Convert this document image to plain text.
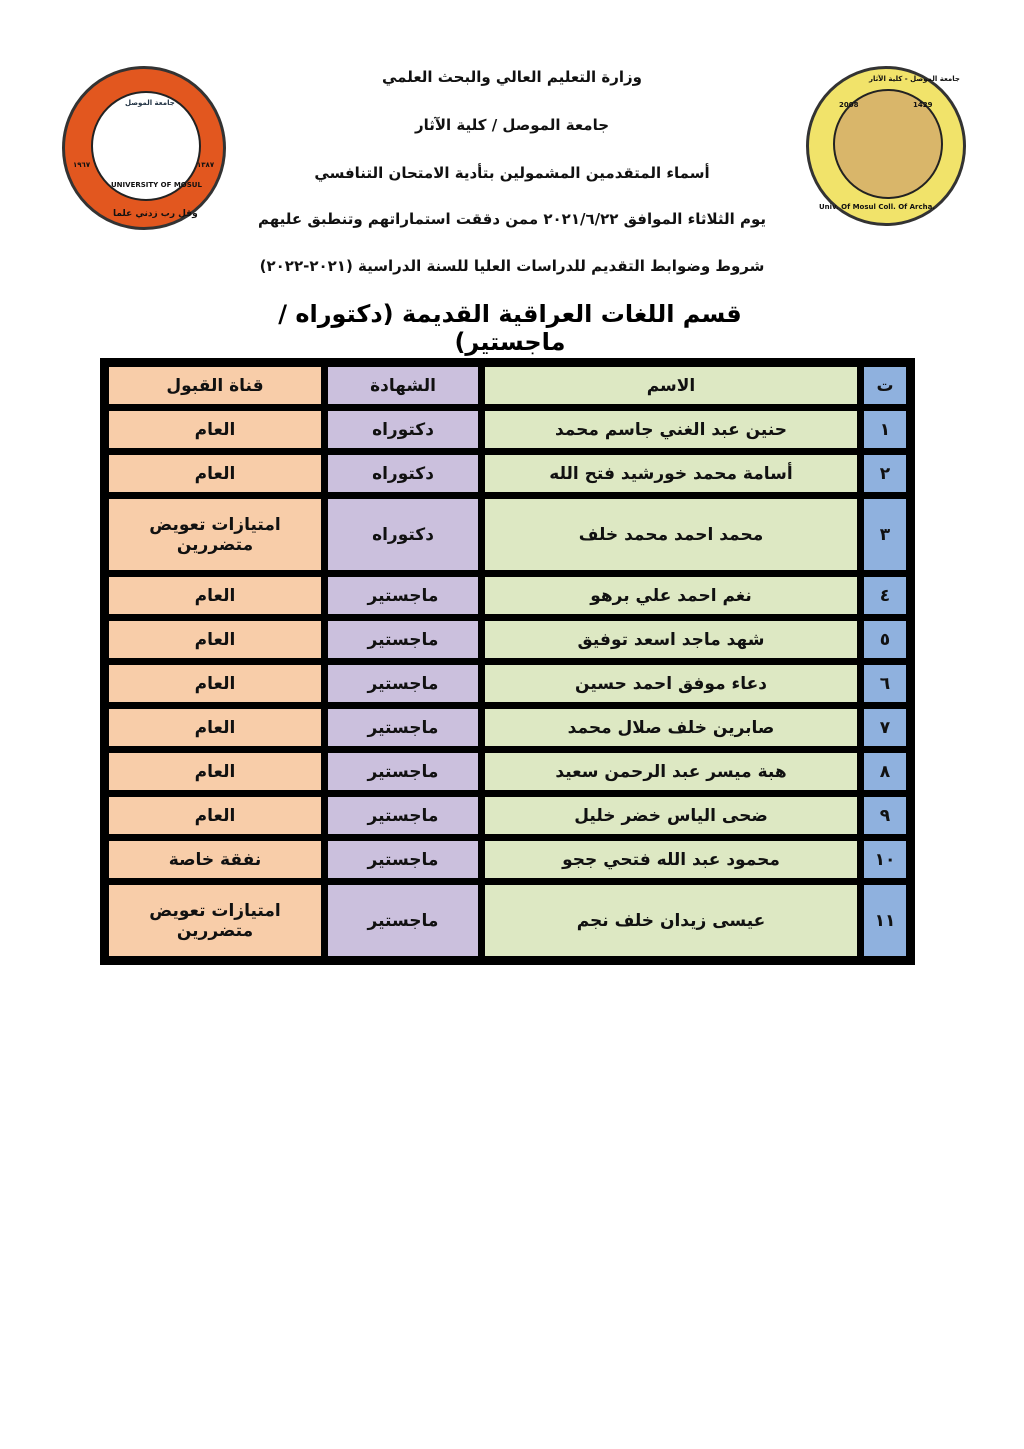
UNIVERSITY OF MOSUL
جامعة الموصل
وقل رب زدني علما
١٣٨٧
١٩٦٧
2008	1429
Univ. Of Mosul Coll. Of Archa.
جامعة الموصل - كلية الآثار
وزارة التعليم العالي والبحث العلمي
جامعة الموصل / كلية الآثار
أسماء المتقدمين المشمولين بتأدية الامتحان التنافسي
يوم الثلاثاء الموافق ٢٠٢١/٦/٢٢ ممن دققت استماراتهم وتنطبق عليهم
شروط وضوابط التقديم للدراسات العليا للسنة الدراسية (٢٠٢١-٢٠٢٢)
قسم اللغات العراقية القديمة (دكتوراه / ماجستير)
ت	الاسم	الشهادة	قناة القبول
١	حنين عبد الغني جاسم محمد	دكتوراه	العام
٢	أسامة محمد خورشيد فتح الله	دكتوراه	العام
٣	محمد احمد محمد خلف	دكتوراه	امتيازات تعويض متضررين
٤	نغم احمد علي برهو	ماجستير	العام
٥	شهد ماجد اسعد توفيق	ماجستير	العام
٦	دعاء موفق احمد حسين	ماجستير	العام
٧	صابرين خلف صلال محمد	ماجستير	العام
٨	هبة ميسر عبد الرحمن سعيد	ماجستير	العام
٩	ضحى الياس خضر خليل	ماجستير	العام
١٠	محمود عبد الله فتحي ججو	ماجستير	نفقة خاصة
١١	عيسى زيدان خلف نجم	ماجستير	امتيازات تعويض متضررين
